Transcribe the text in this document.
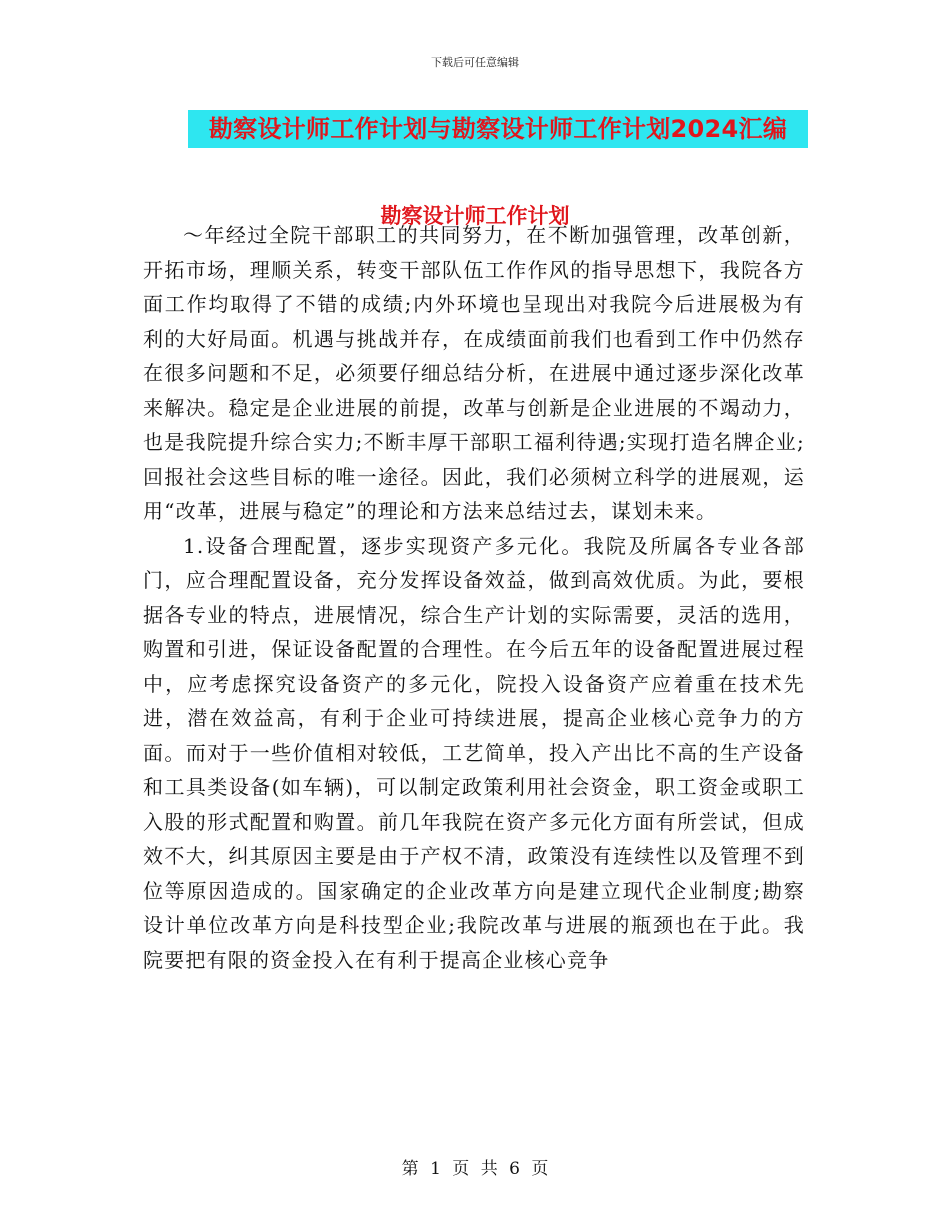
下载后可任意编辑
勘察设计师工作计划与勘察设计师工作计划2024汇编
勘察设计师工作计划

～年经过全院干部职工的共同努力，在不断加强管理，改革创新，开拓市场，理顺关系，转变干部队伍工作作风的指导思想下，我院各方面工作均取得了不错的成绩;内外环境也呈现出对我院今后进展极为有利的大好局面。机遇与挑战并存，在成绩面前我们也看到工作中仍然存在很多问题和不足，必须要仔细总结分析，在进展中通过逐步深化改革来解决。稳定是企业进展的前提，改革与创新是企业进展的不竭动力，也是我院提升综合实力;不断丰厚干部职工福利待遇;实现打造名牌企业;回报社会这些目标的唯一途径。因此，我们必须树立科学的进展观，运用“改革，进展与稳定”的理论和方法来总结过去，谋划未来。

1.设备合理配置，逐步实现资产多元化。我院及所属各专业各部门，应合理配置设备，充分发挥设备效益，做到高效优质。为此，要根据各专业的特点，进展情况，综合生产计划的实际需要，灵活的选用，购置和引进，保证设备配置的合理性。在今后五年的设备配置进展过程中，应考虑探究设备资产的多元化，院投入设备资产应着重在技术先进，潜在效益高，有利于企业可持续进展，提高企业核心竞争力的方面。而对于一些价值相对较低，工艺简单，投入产出比不高的生产设备和工具类设备(如车辆)，可以制定政策利用社会资金，职工资金或职工入股的形式配置和购置。前几年我院在资产多元化方面有所尝试，但成效不大，纠其原因主要是由于产权不清，政策没有连续性以及管理不到位等原因造成的。国家确定的企业改革方向是建立现代企业制度;勘察设计单位改革方向是科技型企业;我院改革与进展的瓶颈也在于此。我院要把有限的资金投入在有利于提高企业核心竞争

第 1 页 共 6 页
